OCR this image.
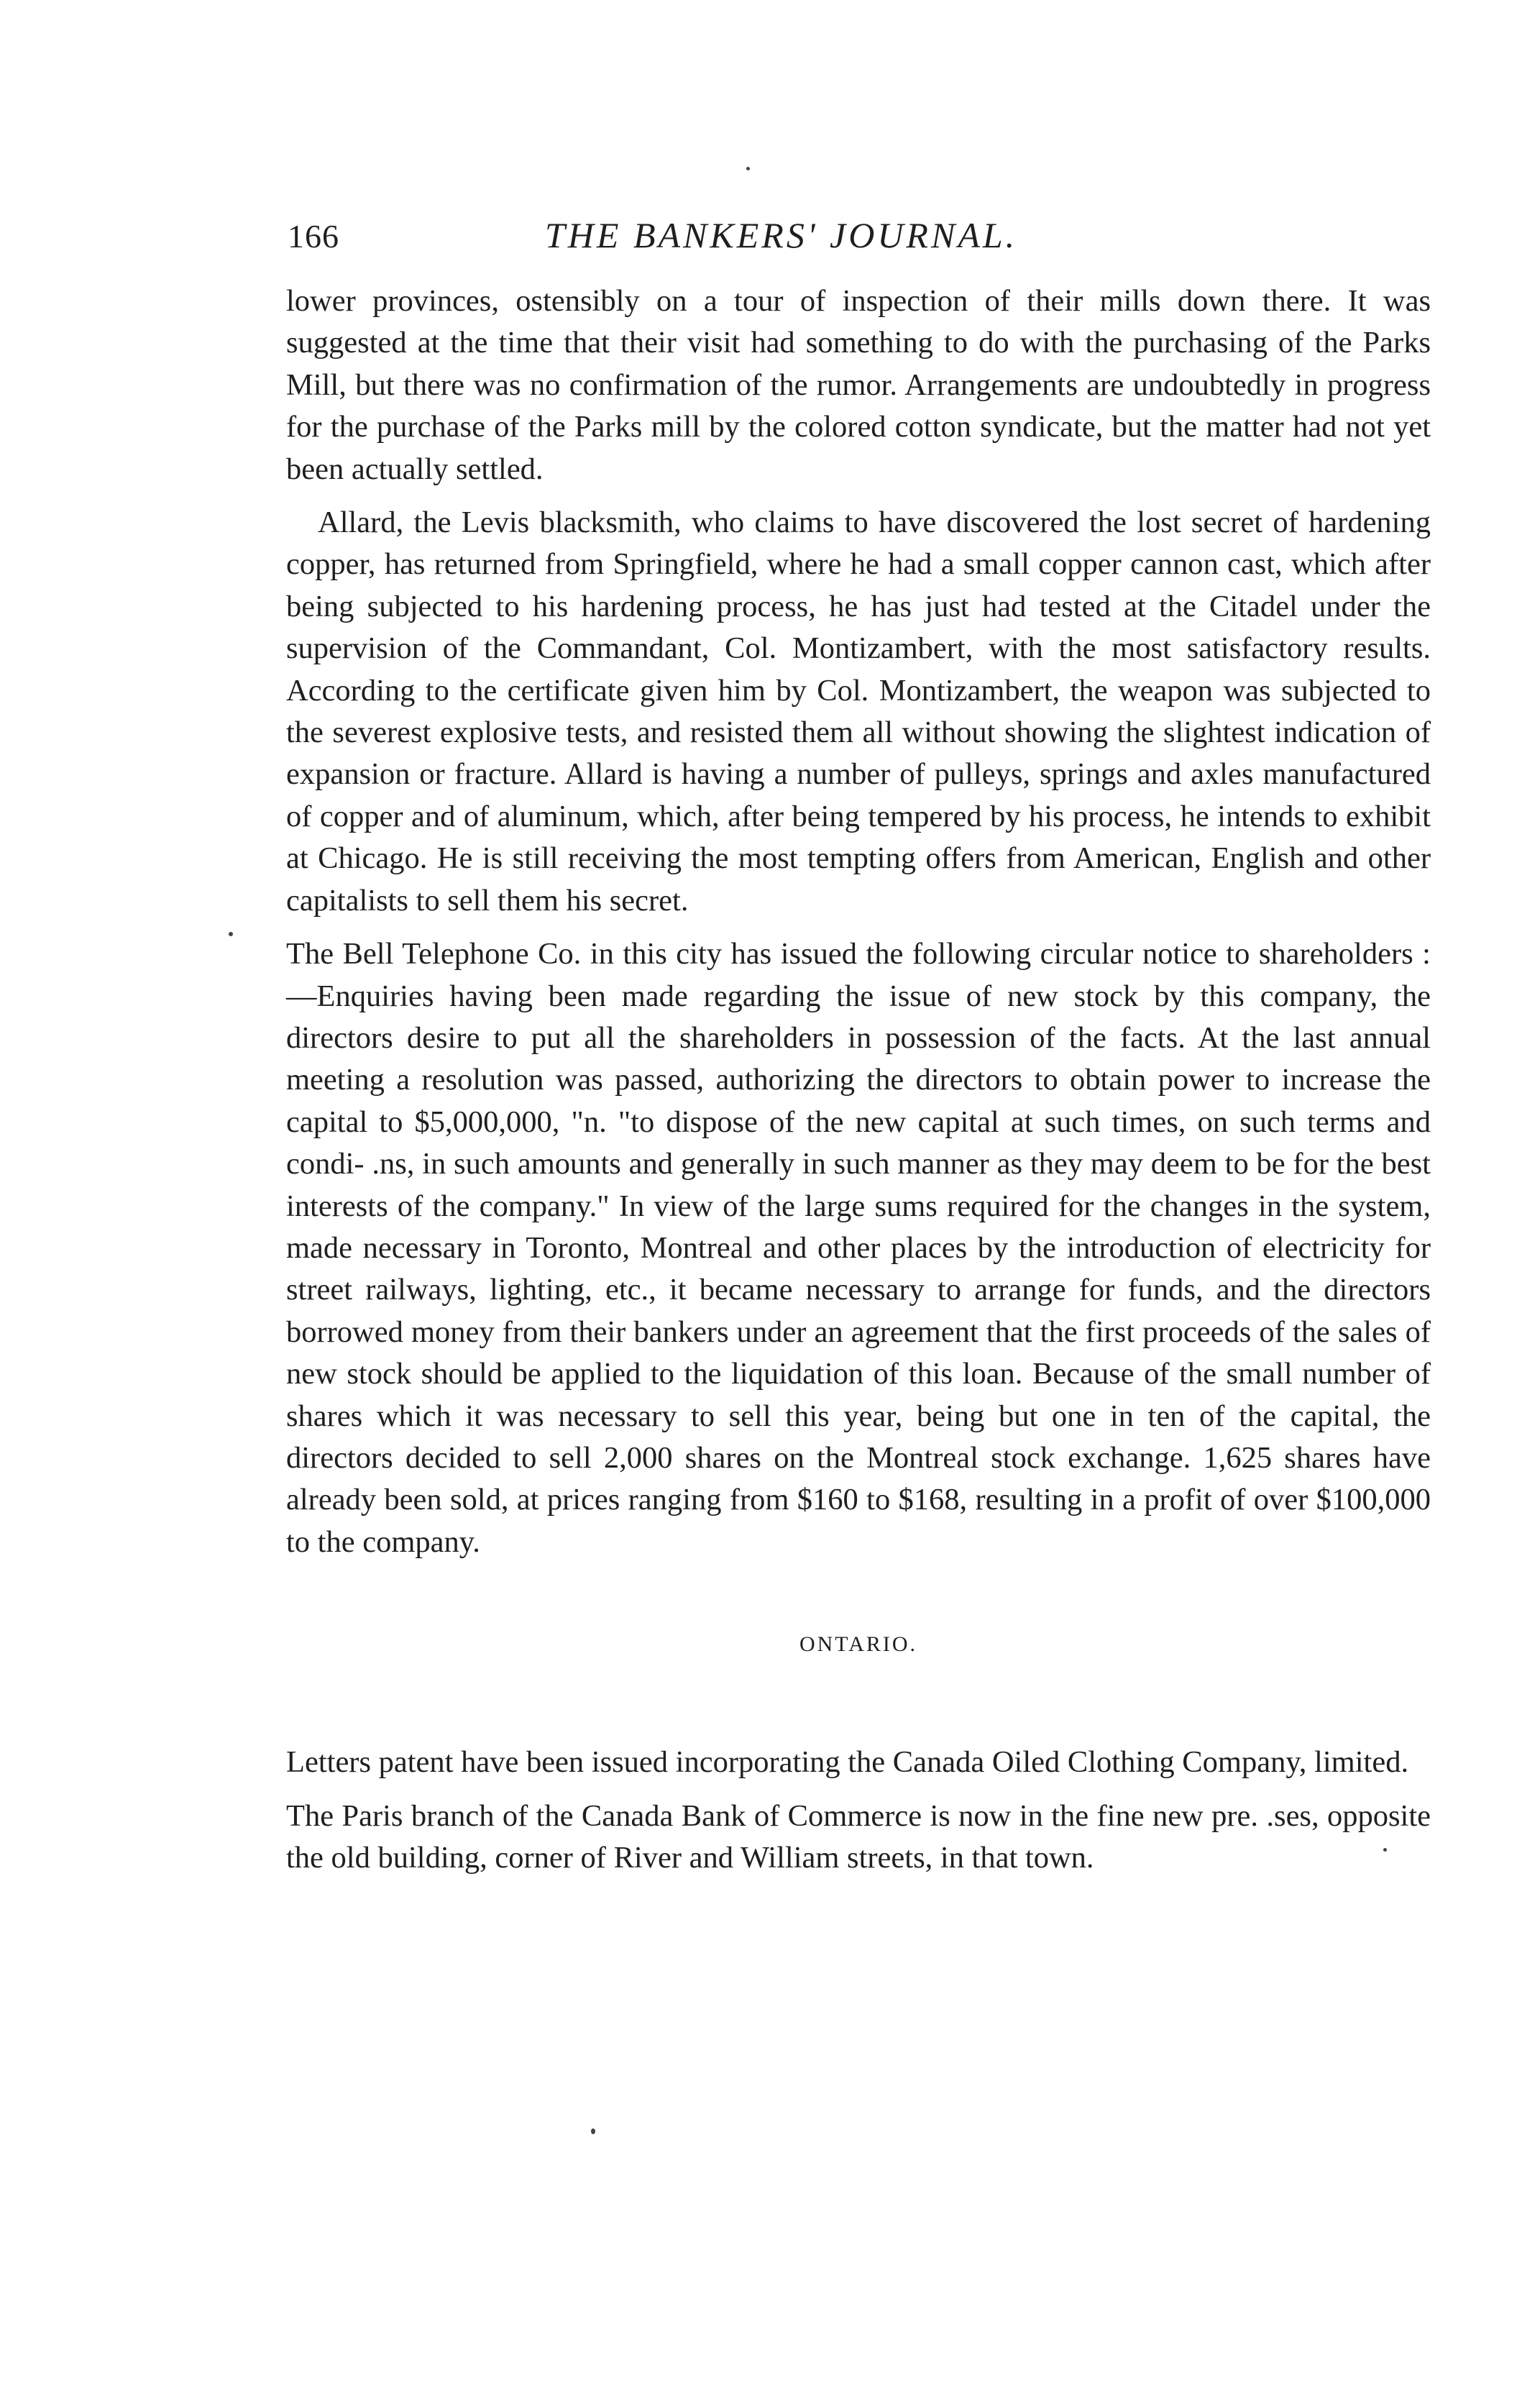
166	THE BANKERS' JOURNAL.

lower provinces, ostensibly on a tour of inspection of their mills down there. It was suggested at the time that their visit had something to do with the purchasing of the Parks Mill, but there was no confirmation of the rumor. Arrangements are undoubtedly in progress for the purchase of the Parks mill by the colored cotton syndicate, but the matter had not yet been actually settled.

Allard, the Levis blacksmith, who claims to have discovered the lost secret of hardening copper, has returned from Springfield, where he had a small copper cannon cast, which after being subjected to his hardening process, he has just had tested at the Citadel under the supervision of the Commandant, Col. Montizambert, with the most satisfactory results. According to the certificate given him by Col. Montizambert, the weapon was subjected to the severest explosive tests, and resisted them all without showing the slightest indication of expansion or fracture. Allard is having a number of pulleys, springs and axles manufactured of copper and of aluminum, which, after being tempered by his process, he intends to exhibit at Chicago. He is still receiving the most tempting offers from American, English and other capitalists to sell them his secret.

The Bell Telephone Co. in this city has issued the following circular notice to shareholders :—Enquiries having been made regarding the issue of new stock by this company, the directors desire to put all the shareholders in possession of the facts. At the last annual meeting a resolution was passed, authorizing the directors to obtain power to increase the capital to $5,000,000, "n. "to dispose of the new capital at such times, on such terms and condi- .ns, in such amounts and generally in such manner as they may deem to be for the best interests of the company." In view of the large sums required for the changes in the system, made necessary in Toronto, Montreal and other places by the introduction of electricity for street railways, lighting, etc., it became necessary to arrange for funds, and the directors borrowed money from their bankers under an agreement that the first proceeds of the sales of new stock should be applied to the liquidation of this loan. Because of the small number of shares which it was necessary to sell this year, being but one in ten of the capital, the directors decided to sell 2,000 shares on the Montreal stock exchange. 1,625 shares have already been sold, at prices ranging from $160 to $168, resulting in a profit of over $100,000 to the company.

ONTARIO.

Letters patent have been issued incorporating the Canada Oiled Clothing Company, limited.

The Paris branch of the Canada Bank of Commerce is now in the fine new pre. .ses, opposite the old building, corner of River and William streets, in that town.
